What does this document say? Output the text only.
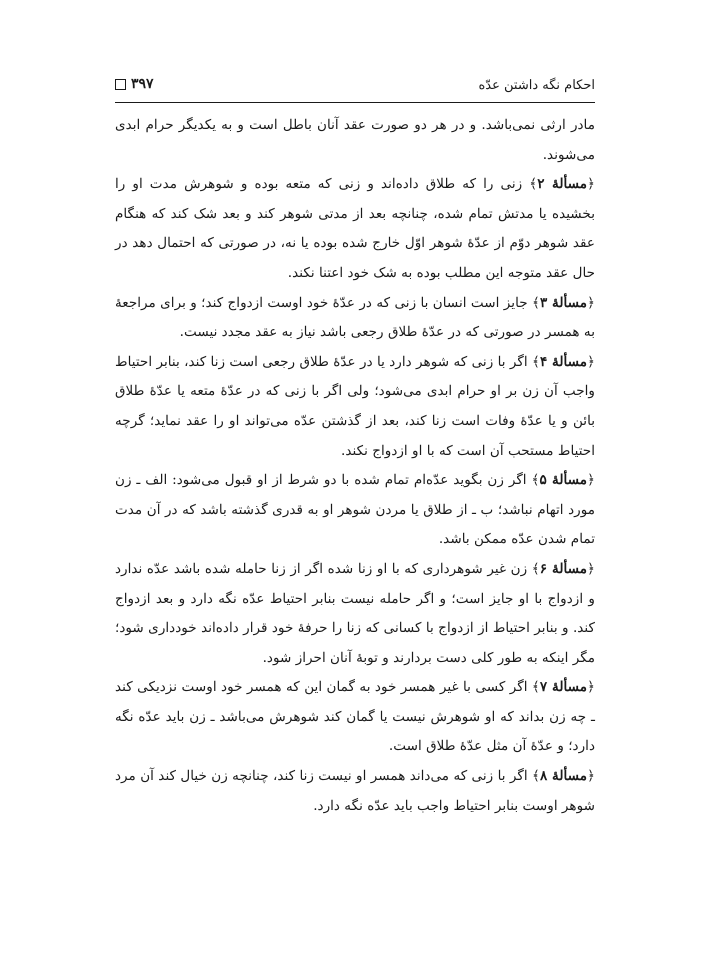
احکام نگه داشتن عدّه
۳۹۷

مادر ارثی نمی‌باشد. و در هر دو صورت عقد آنان باطل است و به یکدیگر حرام ابدی می‌شوند.

﴿مسألهٔ ۲﴾ زنی را که طلاق داده‌اند و زنی که متعه بوده و شوهرش مدت او را بخشیده یا مدتش تمام شده، چنانچه بعد از مدتی شوهر کند و بعد شک کند که هنگام عقد شوهر دوّم از عدّهٔ شوهر اوّل خارج شده بوده یا نه، در صورتی که احتمال دهد در حال عقد متوجه این مطلب بوده به شک خود اعتنا نکند.

﴿مسألهٔ ۳﴾ جایز است انسان با زنی که در عدّهٔ خود اوست ازدواج کند؛ و برای مراجعهٔ به همسر در صورتی که در عدّهٔ طلاق رجعی باشد نیاز به عقد مجدد نیست.

﴿مسألهٔ ۴﴾ اگر با زنی که شوهر دارد یا در عدّهٔ طلاق رجعی است زنا کند، بنابر احتیاط واجب آن زن بر او حرام ابدی می‌شود؛ ولی اگر با زنی که در عدّهٔ متعه یا عدّهٔ طلاق بائن و یا عدّهٔ وفات است زنا کند، بعد از گذشتن عدّه می‌تواند او را عقد نماید؛ گرچه احتیاط مستحب آن است که با او ازدواج نکند.

﴿مسألهٔ ۵﴾ اگر زن بگوید عدّه‌ام تمام شده با دو شرط از او قبول می‌شود: الف ـ زن مورد اتهام نباشد؛ ب ـ از طلاق یا مردن شوهر او به قدری گذشته باشد که در آن مدت تمام شدن عدّه ممکن باشد.

﴿مسألهٔ ۶﴾ زن غیر شوهرداری که با او زنا شده اگر از زنا حامله شده باشد عدّه ندارد و ازدواج با او جایز است؛ و اگر حامله نیست بنابر احتیاط عدّه نگه دارد و بعد ازدواج کند. و بنابر احتیاط از ازدواج با کسانی که زنا را حرفهٔ خود قرار داده‌اند خودداری شود؛ مگر اینکه به طور کلی دست بردارند و توبهٔ آنان احراز شود.

﴿مسألهٔ ۷﴾ اگر کسی با غیر همسر خود به گمان این که همسر خود اوست نزدیکی کند ـ چه زن بداند که او شوهرش نیست یا گمان کند شوهرش می‌باشد ـ زن باید عدّه نگه دارد؛ و عدّهٔ آن مثل عدّهٔ طلاق است.

﴿مسألهٔ ۸﴾ اگر با زنی که می‌داند همسر او نیست زنا کند، چنانچه زن خیال کند آن مرد شوهر اوست بنابر احتیاط واجب باید عدّه نگه دارد.
